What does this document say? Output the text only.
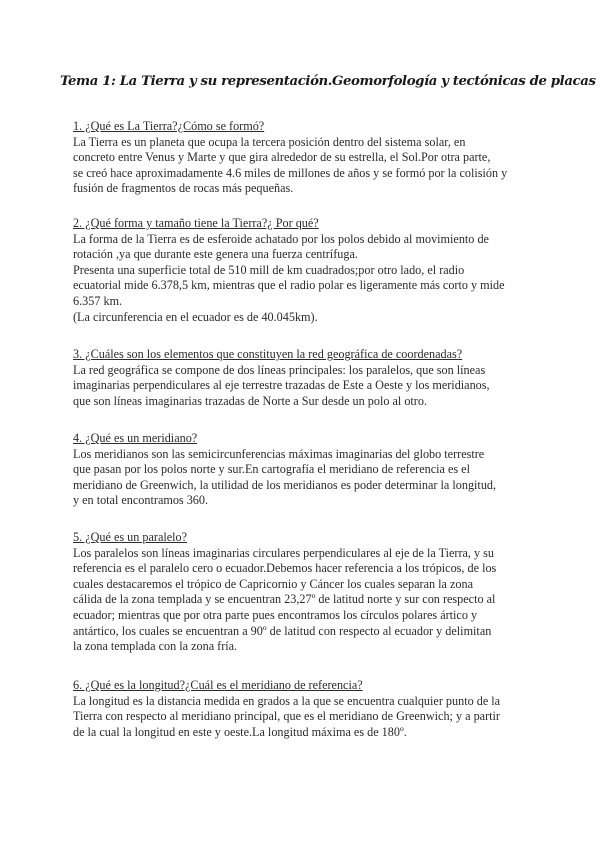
Tema 1: La Tierra y su representación.Geomorfología y tectónicas de placas
1. ¿Qué es La Tierra?¿Cómo se formó?
La Tierra es un planeta que ocupa la tercera posición dentro del sistema solar, en
concreto entre Venus y Marte y que gira alrededor de su estrella, el Sol.Por otra parte,
se creó hace aproximadamente 4.6 miles de millones de años y se formó por la colisión y
fusión de fragmentos de rocas más pequeñas.
2. ¿Qué forma y tamaño tiene la Tierra?¿ Por qué?
La forma de la Tierra es de esferoide achatado por los polos debido al movimiento de
rotación ,ya que durante este genera una fuerza centrífuga.
Presenta una superficie total de 510 mill de km cuadrados;por otro lado, el radio
ecuatorial mide 6.378,5 km, mientras que el radio polar es ligeramente más corto y mide
6.357 km.
(La circunferencia en el ecuador es de 40.045km).
3. ¿Cuáles son los elementos que constituyen la red geográfica de coordenadas?
La red geográfica se compone de dos líneas principales: los paralelos, que son líneas
imaginarias perpendiculares al eje terrestre trazadas de Este a Oeste y los meridianos,
que son líneas imaginarias trazadas de Norte a Sur desde un polo al otro.
4. ¿Qué es un meridiano?
Los meridianos son las semicircunferencias máximas imaginarias del globo terrestre
que pasan por los polos norte y sur.En cartografía el meridiano de referencia es el
meridiano de Greenwich, la utilidad de los meridianos es poder determinar la longitud,
y en total encontramos 360.
5. ¿Qué es un paralelo?
Los paralelos son líneas imaginarias circulares perpendiculares al eje de la Tierra, y su
referencia es el paralelo cero o ecuador.Debemos hacer referencia a los trópicos, de los
cuales destacaremos el trópico de Capricornio y Cáncer los cuales separan la zona
cálida de la zona templada y se encuentran 23,27º de latitud norte y sur con respecto al
ecuador; mientras que por otra parte pues encontramos los círculos polares ártico y
antártico, los cuales se encuentran a 90º de latitud con respecto al ecuador y delimitan
la zona templada con la zona fría.
6. ¿Qué es la longitud?¿Cuál es el meridiano de referencia?
La longitud es la distancia medida en grados a la que se encuentra cualquier punto de la
Tierra con respecto al meridiano principal, que es el meridiano de Greenwich; y a partir
de la cual la longitud en este y oeste.La longitud máxima es de 180º.
